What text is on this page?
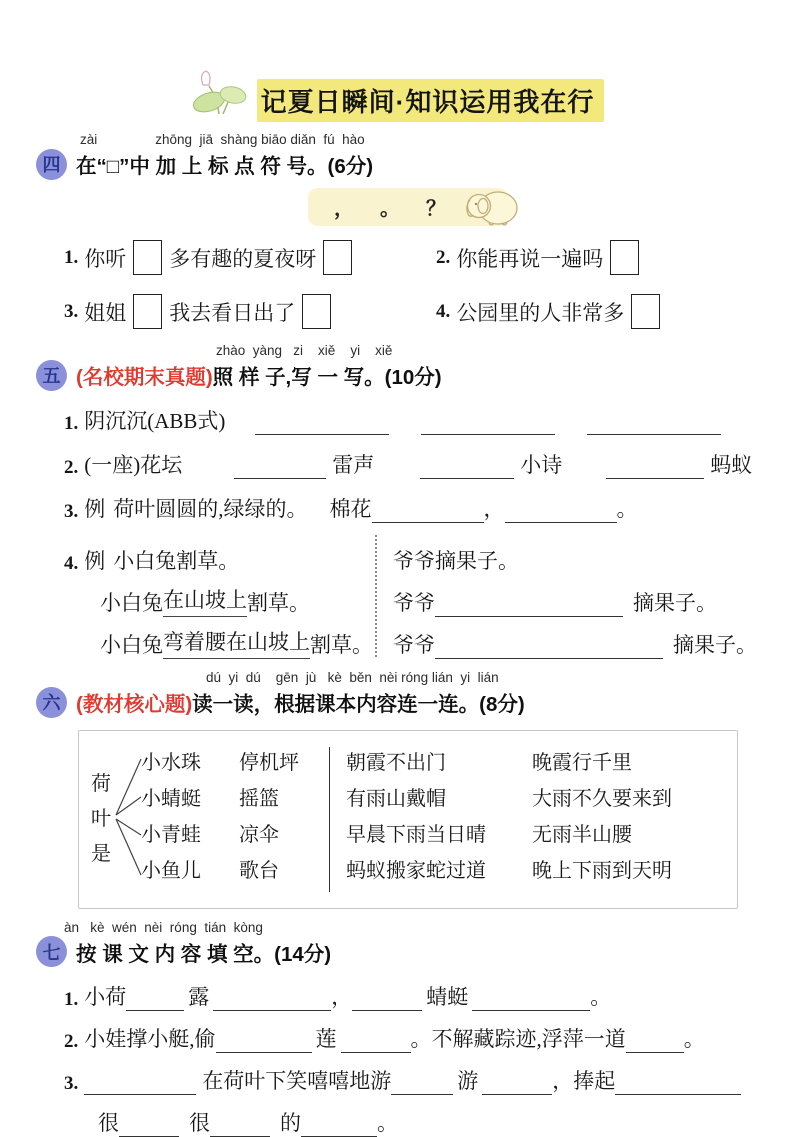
记夏日瞬间·知识运用我在行
zài	zhōng  jiā  shàng biāo diǎn  fú  hào
四 在“□”中 加 上 标 点 符 号。(6分)
， 。 ？
1. 你听 多有趣的夏夜呀	2. 你能再说一遍吗
3. 姐姐 我去看日出了	4. 公园里的人非常多
zhào  yàng   zi    xiě    yi    xiě
五 (名校期末真题)照 样 子,写 一 写。(10分)
1. 阴沉沉(ABB式)
2. (一座)花坛	雷声	小诗	蚂蚁
3. 例 荷叶圆圆的,绿绿的。 棉花	，	。
4. 例 小白兔割草。
小白兔 在山坡上 割草。
小白兔 弯着腰在山坡上 割草。
爷爷摘果子。
爷爷	摘果子。
爷爷	摘果子。
dú  yi  dú    gēn  jù   kè  běn  nèi róng lián  yi  lián
六 (教材核心题)读一读，根据课本内容连一连。(8分)
荷叶是
小水珠
小蜻蜓
小青蛙
小鱼儿
停机坪
摇篮
凉伞
歌台
朝霞不出门
有雨山戴帽
早晨下雨当日晴
蚂蚁搬家蛇过道
晚霞行千里
大雨不久要来到
无雨半山腰
晚上下雨到天明
àn   kè  wén  nèi  róng  tián  kòng
七 按 课 文 内 容 填 空。(14分)
1. 小荷	露	，	蜻蜓	。
2. 小娃撑小艇,偷	莲	。不解藏踪迹,浮萍一道	。
3.	在荷叶下笑嘻嘻地游	游	，捧起
很	很	的	。
